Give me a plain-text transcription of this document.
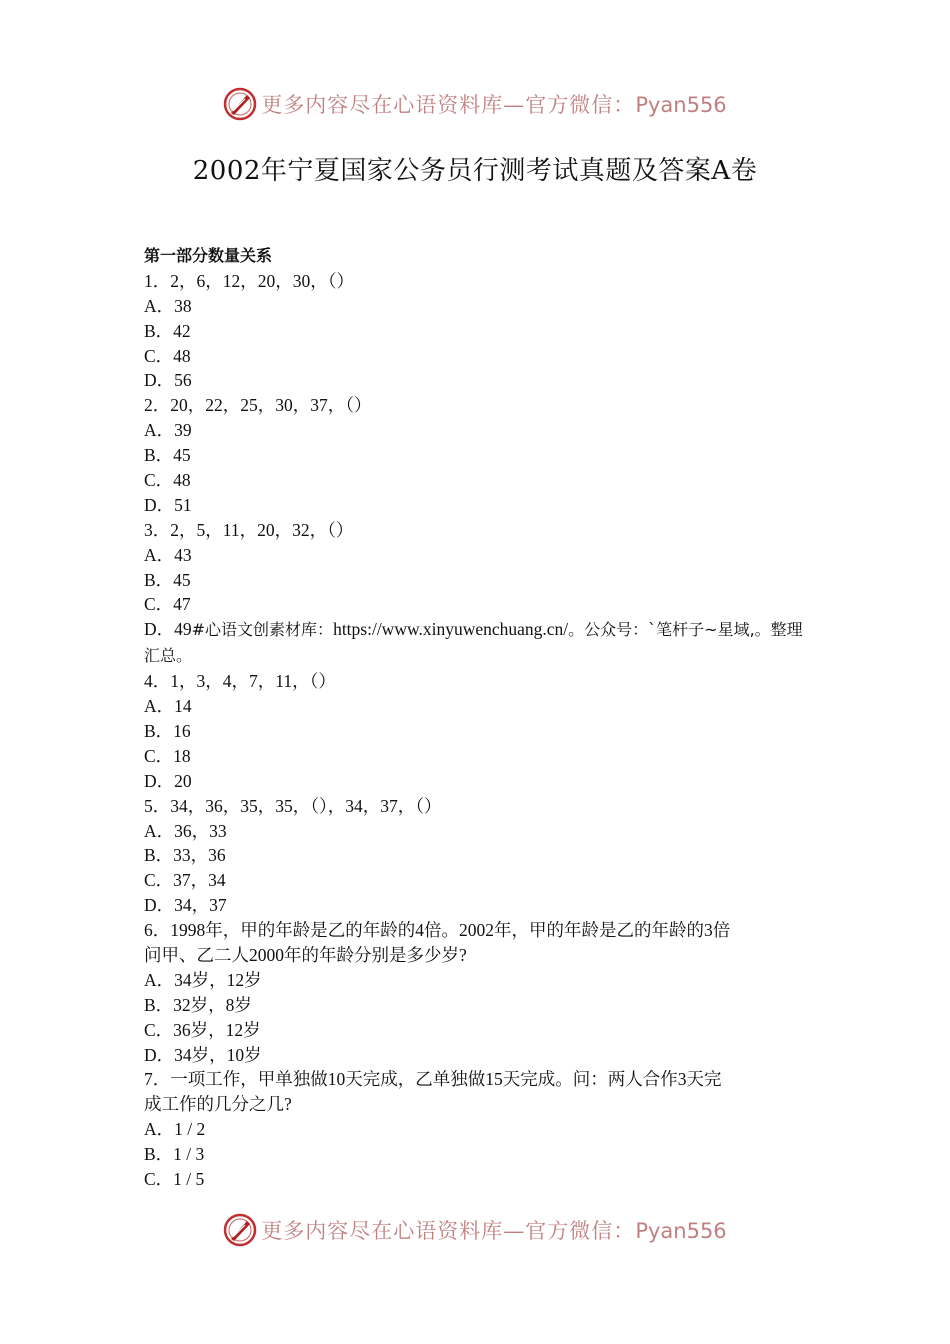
更多内容尽在心语资料库—官方微信：Pyan556
2002年宁夏国家公务员行测考试真题及答案A卷
第一部分数量关系
1．2，6，12，20，30，（）
A．38
B．42
C．48
D．56
2．20，22，25，30，37，（）
A．39
B．45
C．48
D．51
3．2，5，11，20，32，（）
A．43
B．45
C．47
D．49#心语文创素材库：https://www.xinyuwenchuang.cn/。公众号：`笔杆子~星域,。整理汇总。
4．1，3，4，7，11，（）
A．14
B．16
C．18
D．20
5．34，36，35，35，（），34，37，（）
A．36，33
B．33，36
C．37，34
D．34，37
6．1998年，甲的年龄是乙的年龄的4倍。2002年，甲的年龄是乙的年龄的3倍
问甲、乙二人2000年的年龄分别是多少岁?
A．34岁，12岁
B．32岁，8岁
C．36岁，12岁
D．34岁，10岁
7．一项工作，甲单独做10天完成，乙单独做15天完成。问：两人合作3天完
成工作的几分之几?
A．1 / 2
B．1 / 3
C．1 / 5
更多内容尽在心语资料库—官方微信：Pyan556
